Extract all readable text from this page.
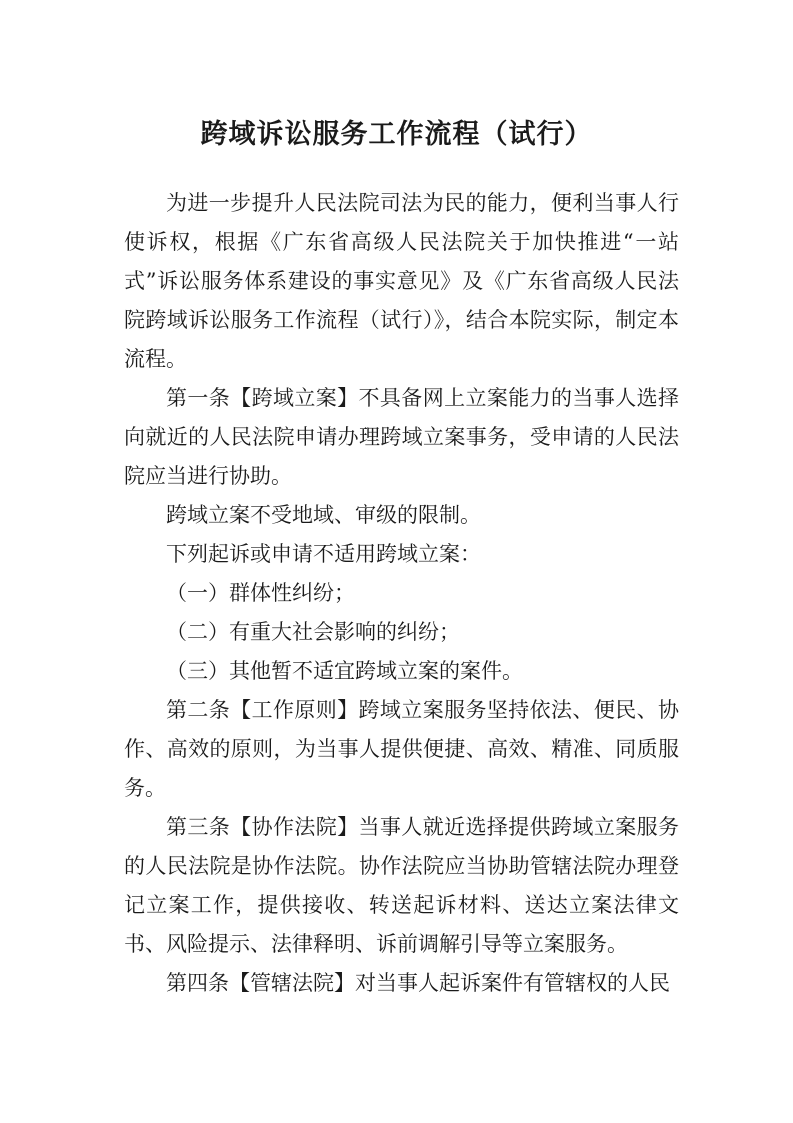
跨域诉讼服务工作流程（试行）

为进一步提升人民法院司法为民的能力，便利当事人行使诉权，根据《广东省高级人民法院关于加快推进“一站式”诉讼服务体系建设的事实意见》及《广东省高级人民法院跨域诉讼服务工作流程（试行）》，结合本院实际，制定本流程。

第一条【跨域立案】不具备网上立案能力的当事人选择向就近的人民法院申请办理跨域立案事务，受申请的人民法院应当进行协助。

跨域立案不受地域、审级的限制。

下列起诉或申请不适用跨域立案：

（一）群体性纠纷；

（二）有重大社会影响的纠纷；

（三）其他暂不适宜跨域立案的案件。

第二条【工作原则】跨域立案服务坚持依法、便民、协作、高效的原则，为当事人提供便捷、高效、精准、同质服务。

第三条【协作法院】当事人就近选择提供跨域立案服务的人民法院是协作法院。协作法院应当协助管辖法院办理登记立案工作，提供接收、转送起诉材料、送达立案法律文书、风险提示、法律释明、诉前调解引导等立案服务。

第四条【管辖法院】对当事人起诉案件有管辖权的人民
